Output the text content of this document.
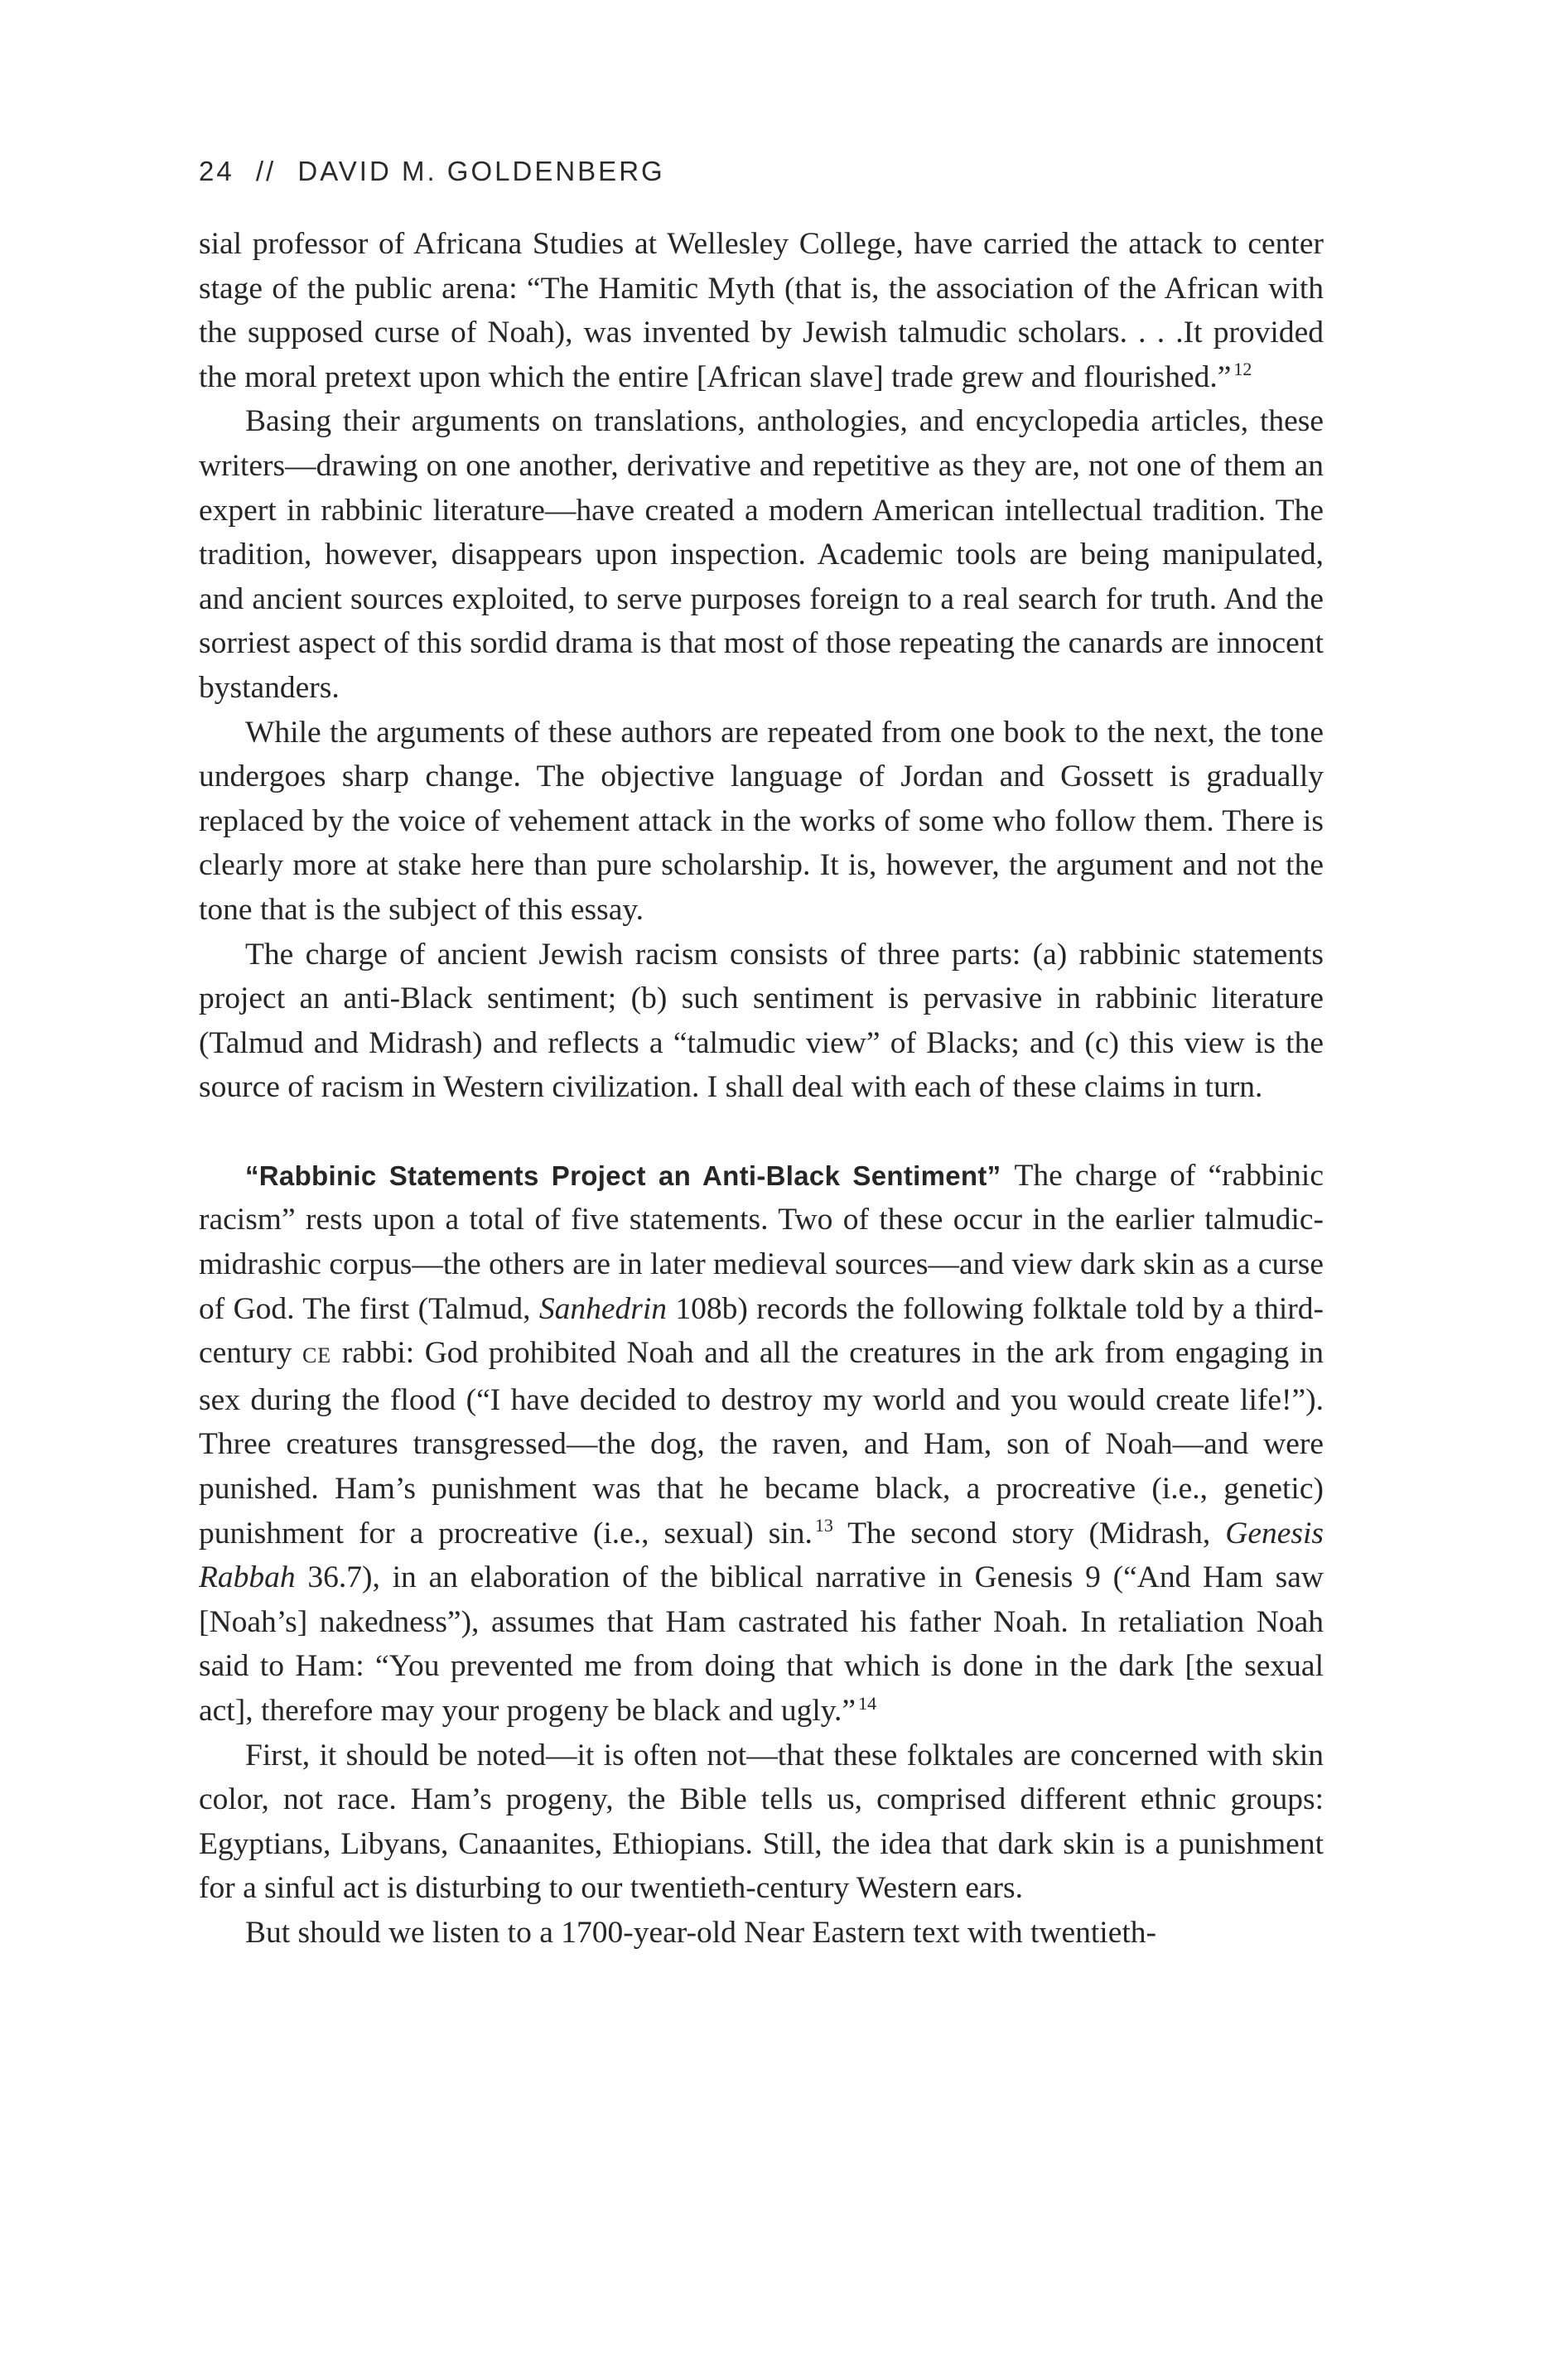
24 // DAVID M. GOLDENBERG

sial professor of Africana Studies at Wellesley College, have carried the attack to center stage of the public arena: “The Hamitic Myth (that is, the association of the African with the supposed curse of Noah), was invented by Jewish talmudic scholars. . . .It provided the moral pretext upon which the entire [African slave] trade grew and flourished.” $^{12}$

Basing their arguments on translations, anthologies, and encyclopedia articles, these writers—drawing on one another, derivative and repetitive as they are, not one of them an expert in rabbinic literature—have created a modern American intellectual tradition. The tradition, however, disappears upon inspection. Academic tools are being manipulated, and ancient sources exploited, to serve purposes foreign to a real search for truth. And the sorriest aspect of this sordid drama is that most of those repeating the canards are innocent bystanders.

While the arguments of these authors are repeated from one book to the next, the tone undergoes sharp change. The objective language of Jordan and Gossett is gradually replaced by the voice of vehement attack in the works of some who follow them. There is clearly more at stake here than pure scholarship. It is, however, the argument and not the tone that is the subject of this essay.

The charge of ancient Jewish racism consists of three parts: (a) rabbinic statements project an anti-Black sentiment; (b) such sentiment is pervasive in rabbinic literature (Talmud and Midrash) and reflects a “talmudic view” of Blacks; and (c) this view is the source of racism in Western civilization. I shall deal with each of these claims in turn.

“Rabbinic Statements Project an Anti-Black Sentiment” The charge of “rabbinic racism” rests upon a total of five statements. Two of these occur in the earlier talmudic-midrashic corpus—the others are in later medieval sources—and view dark skin as a curse of God. The first (Talmud, Sanhedrin 108b) records the following folktale told by a third-century CE rabbi: God prohibited Noah and all the creatures in the ark from engaging in sex during the flood (“I have decided to destroy my world and you would create life!”). Three creatures transgressed—the dog, the raven, and Ham, son of Noah—and were punished. Ham’s punishment was that he became black, a procreative (i.e., genetic) punishment for a procreative (i.e., sexual) sin. $^{13}$ The second story (Midrash, Genesis Rabbah 36.7), in an elaboration of the biblical narrative in Genesis 9 (“And Ham saw [Noah’s] nakedness”), assumes that Ham castrated his father Noah. In retaliation Noah said to Ham: “You prevented me from doing that which is done in the dark [the sexual act], therefore may your progeny be black and ugly.” $^{14}$

First, it should be noted—it is often not—that these folktales are concerned with skin color, not race. Ham’s progeny, the Bible tells us, comprised different ethnic groups: Egyptians, Libyans, Canaanites, Ethiopians. Still, the idea that dark skin is a punishment for a sinful act is disturbing to our twentieth-century Western ears.

But should we listen to a 1700-year-old Near Eastern text with twentieth-
